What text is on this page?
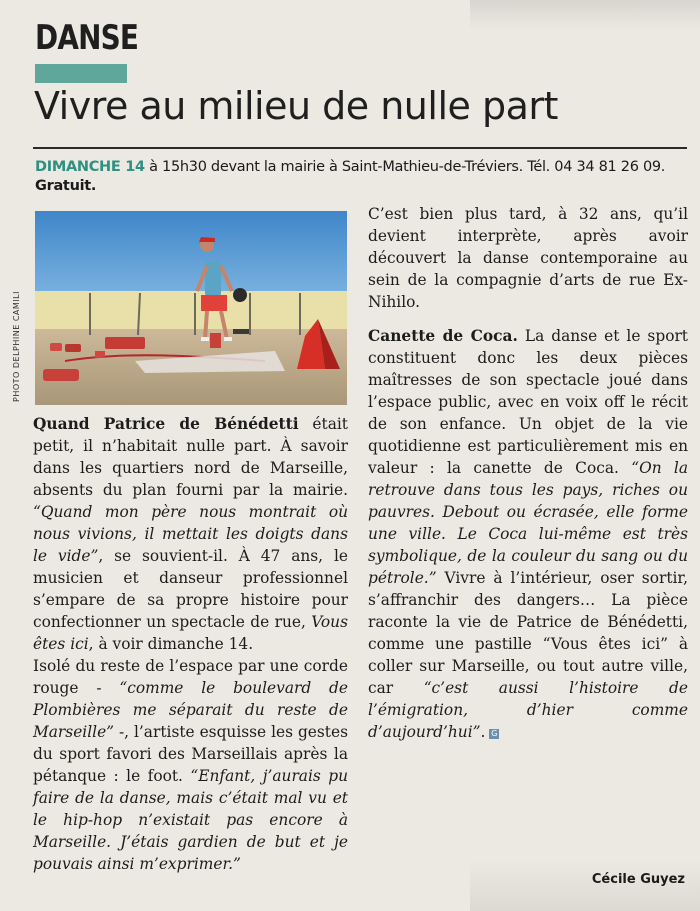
DANSE
Vivre au milieu de nulle part
DIMANCHE 14 à 15h30 devant la mairie à Saint-Mathieu-de-Tréviers. Tél. 04 34 81 26 09.
Gratuit.

PHOTO DELPHINE CAMILI

Quand Patrice de Bénédetti était petit, il n’habitait nulle part. À savoir dans les quartiers nord de Marseille, absents du plan fourni par la mairie. “Quand mon père nous montrait où nous vivions, il mettait les doigts dans le vide”, se souvient-il. À 47 ans, le musicien et danseur professionnel s’empare de sa propre histoire pour confectionner un spectacle de rue, Vous êtes ici, à voir dimanche 14.

Isolé du reste de l’espace par une corde rouge - “comme le boulevard de Plombières me séparait du reste de Marseille” -, l’artiste esquisse les gestes du sport favori des Marseillais après la pétanque : le foot. “Enfant, j’aurais pu faire de la danse, mais c’était mal vu et le hip-hop n’existait pas encore à Marseille. J’étais gardien de but et je pouvais ainsi m’exprimer.”

C’est bien plus tard, à 32 ans, qu’il devient interprète, après avoir découvert la danse contemporaine au sein de la compagnie d’arts de rue Ex-Nihilo.

Canette de Coca. La danse et le sport constituent donc les deux pièces maîtresses de son spectacle joué dans l’espace public, avec en voix off le récit de son enfance. Un objet de la vie quotidienne est particulièrement mis en valeur : la canette de Coca. “On la retrouve dans tous les pays, riches ou pauvres. Debout ou écrasée, elle forme une ville. Le Coca lui-même est très symbolique, de la couleur du sang ou du pétrole.” Vivre à l’intérieur, oser sortir, s’affranchir des dangers… La pièce raconte la vie de Patrice de Bénédetti, comme une pastille “Vous êtes ici” à coller sur Marseille, ou tout autre ville, car “c’est aussi l’histoire de l’émigration, d’hier comme d’aujourd’hui”. G

Cécile Guyez
